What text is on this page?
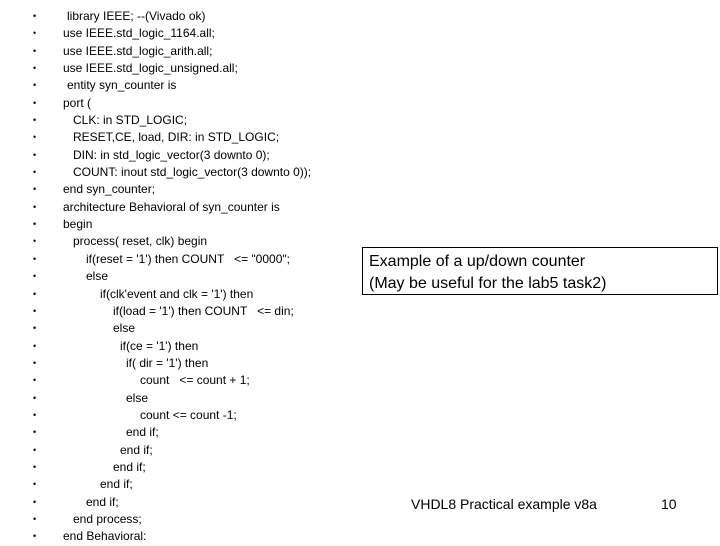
•	library IEEE; --(Vivado ok)
• use IEEE.std_logic_1164.all;
• use IEEE.std_logic_arith.all;
• use IEEE.std_logic_unsigned.all;
•	entity syn_counter is
• port (
•	CLK: in STD_LOGIC;
•	RESET,CE, load, DIR: in STD_LOGIC;
•	DIN: in std_logic_vector(3 downto 0);
•	COUNT: inout std_logic_vector(3 downto 0));
• end syn_counter;
• architecture Behavioral of syn_counter is
• begin
•	process( reset, clk) begin
•	if(reset = '1') then COUNT   <= "0000";
•	else
•	if(clk'event and clk = '1') then
•	if(load = '1') then COUNT   <= din;
•	else
•	if(ce = '1') then
•	if( dir = '1') then
•	count   <= count + 1;
•	else
•	count <= count -1;
•	end if;
•	end if;
•	end if;
•	end if;
•	end if;
•	end process;
• end Behavioral:
Example of a up/down counter
(May be useful for the lab5 task2)
VHDL8 Practical example v8a	10
